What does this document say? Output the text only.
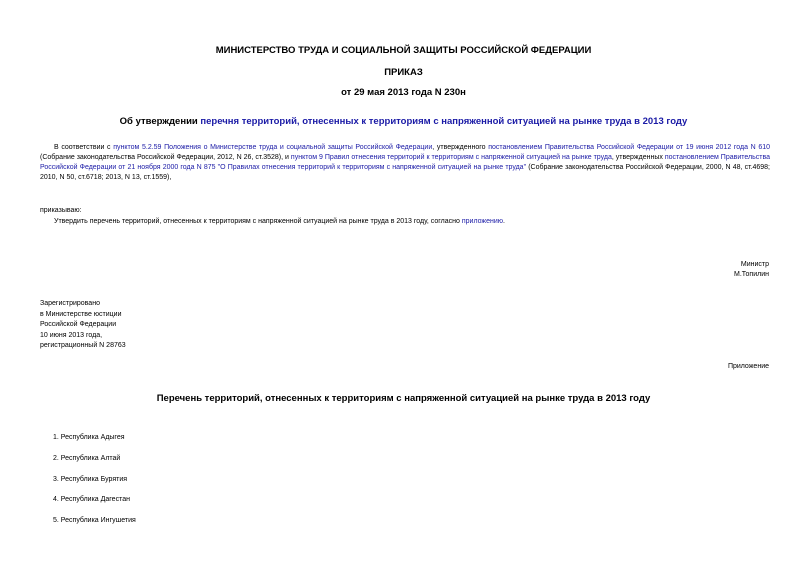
МИНИСТЕРСТВО ТРУДА И СОЦИАЛЬНОЙ ЗАЩИТЫ РОССИЙСКОЙ ФЕДЕРАЦИИ
ПРИКАЗ
от 29 мая 2013 года N 230н
Об утверждении перечня территорий, отнесенных к территориям с напряженной ситуацией на рынке труда в 2013 году
В соответствии с пунктом 5.2.59 Положения о Министерстве труда и социальной защиты Российской Федерации, утвержденного постановлением Правительства Российской Федерации от 19 июня 2012 года N 610 (Собрание законодательства Российской Федерации, 2012, N 26, ст.3528), и пунктом 9 Правил отнесения территорий к территориям с напряженной ситуацией на рынке труда, утвержденных постановлением Правительства Российской Федерации от 21 ноября 2000 года N 875 "О Правилах отнесения территорий к территориям с напряженной ситуацией на рынке труда" (Собрание законодательства Российской Федерации, 2000, N 48, ст.4698; 2010, N 50, ст.6718; 2013, N 13, ст.1559),
приказываю:
Утвердить перечень территорий, отнесенных к территориям с напряженной ситуацией на рынке труда в 2013 году, согласно приложению.
Министр
М.Топилин
Зарегистрировано
в Министерстве юстиции
Российской Федерации
10 июня 2013 года,
регистрационный N 28763
Приложение
Перечень территорий, отнесенных к территориям с напряженной ситуацией на рынке труда в 2013 году
1. Республика Адыгея
2. Республика Алтай
3. Республика Бурятия
4. Республика Дагестан
5. Республика Ингушетия
